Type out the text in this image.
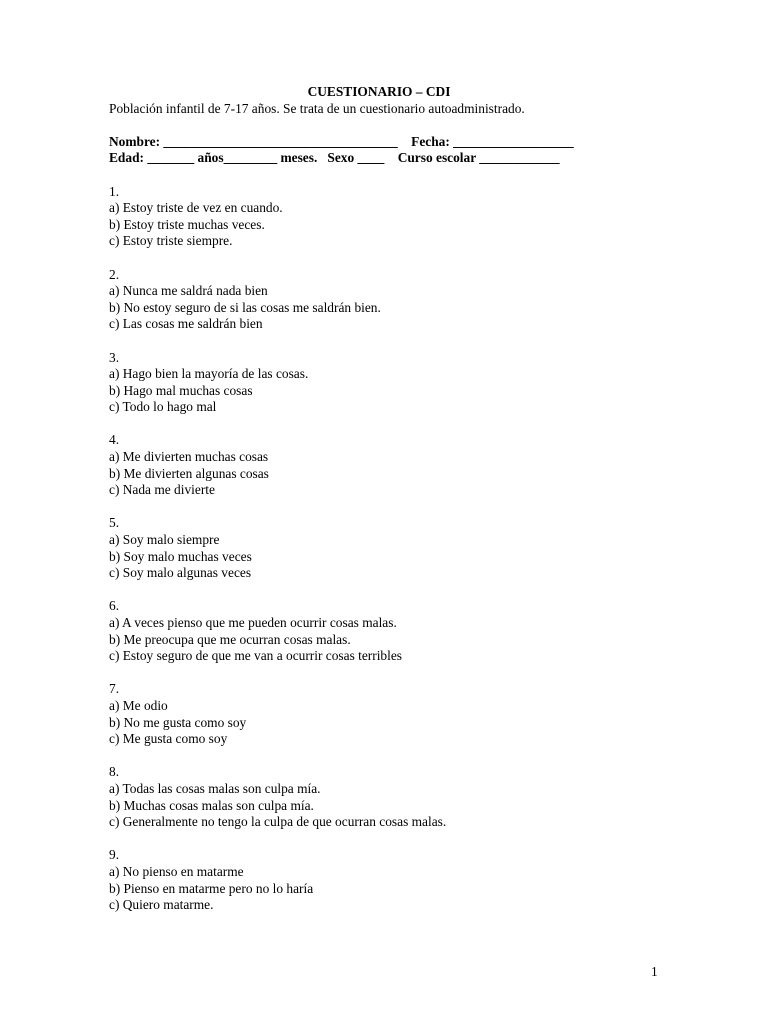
CUESTIONARIO – CDI
Población infantil de 7-17 años. Se trata de un cuestionario autoadministrado.
Nombre: ___________________________________ Fecha: __________________
Edad: _______ años________ meses. Sexo ____ Curso escolar ____________
1.
a) Estoy triste de vez en cuando.
b) Estoy triste muchas veces.
c) Estoy triste siempre.
2.
a) Nunca me saldrá nada bien
b) No estoy seguro de si las cosas me saldrán bien.
c) Las cosas me saldrán bien
3.
a) Hago bien la mayoría de las cosas.
b) Hago mal muchas cosas
c) Todo lo hago mal
4.
a) Me divierten muchas cosas
b) Me divierten algunas cosas
c) Nada me divierte
5.
a) Soy malo siempre
b) Soy malo muchas veces
c) Soy malo algunas veces
6.
a) A veces pienso que me pueden ocurrir cosas malas.
b) Me preocupa que me ocurran cosas malas.
c) Estoy seguro de que me van a ocurrir cosas terribles
7.
a) Me odio
b) No me gusta como soy
c) Me gusta como soy
8.
a) Todas las cosas malas son culpa mía.
b) Muchas cosas malas son culpa mía.
c) Generalmente no tengo la culpa de que ocurran cosas malas.
9.
a) No pienso en matarme
b) Pienso en matarme pero no lo haría
c) Quiero matarme.
1
